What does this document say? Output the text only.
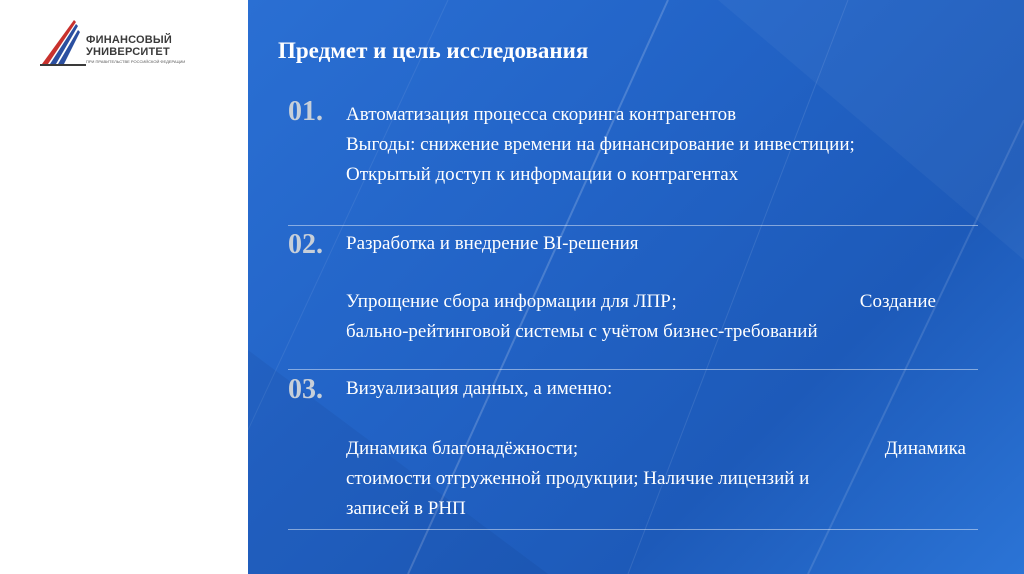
ФИНАНСОВЫЙ
УНИВЕРСИТЕТ
ПРИ ПРАВИТЕЛЬСТВЕ РОССИЙСКОЙ ФЕДЕРАЦИИ	Предмет и цель исследования
01. Автоматизация процесса скоринга контрагентов
Выгоды: снижение времени на финансирование и инвестиции;
Открытый доступ к информации о контрагентах
02. Разработка и внедрение BI-решения
Упрощение сбора информации для ЛПР;	Создание
бально-рейтинговой системы с учётом бизнес-требований
03. Визуализация данных, а именно:
Динамика благонадёжности;	Динамика
стоимости отгруженной продукции; Наличие лицензий и
записей в РНП
